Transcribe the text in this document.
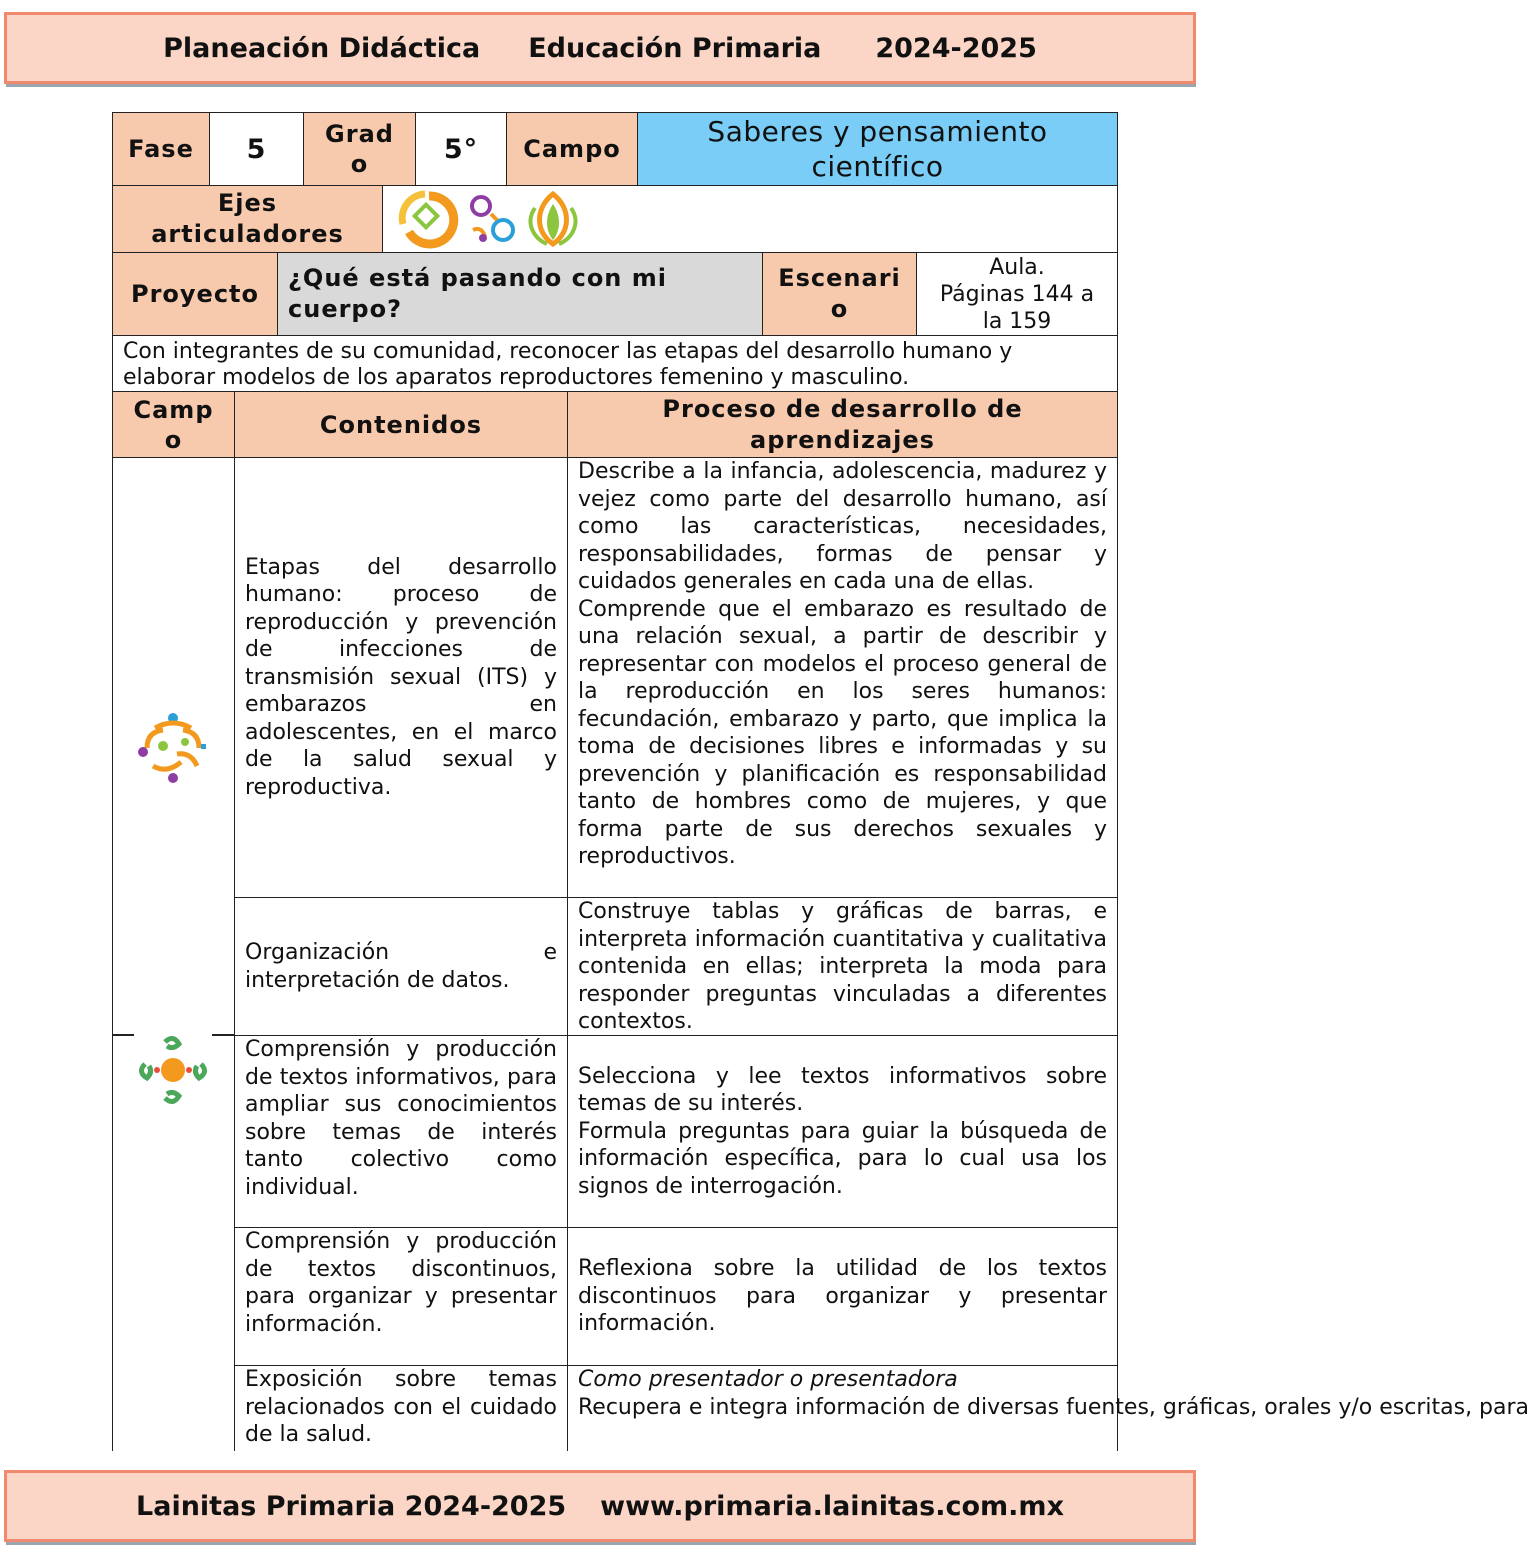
Planeación Didáctica Educación Primaria 2024-2025
Fase 5 Grad
o	5° Campo
Saberes y pensamiento
científico
Ejes
articuladores
Proyecto
¿Qué está pasando con mi
cuerpo?
Escenari
o
Aula.
Páginas 144 a
la 159
Con integrantes de su comunidad, reconocer las etapas del desarrollo humano y
elaborar modelos de los aparatos reproductores femenino y masculino.
Camp
o
Contenidos
Proceso de desarrollo de
aprendizajes
Etapas del desarrollo humano: proceso de reproducción y prevención de infecciones de transmisión sexual (ITS) y embarazos en adolescentes, en el marco de la salud sexual y reproductiva.

Describe a la infancia, adolescencia, madurez y vejez como parte del desarrollo humano, así como las características, necesidades, responsabilidades, formas de pensar y cuidados generales en cada una de ellas.

Comprende que el embarazo es resultado de una relación sexual, a partir de describir y representar con modelos el proceso general de la reproducción en los seres humanos: fecundación, embarazo y parto, que implica la toma de decisiones libres e informadas y su prevención y planificación es responsabilidad tanto de hombres como de mujeres, y que forma parte de sus derechos sexuales y reproductivos.

Organización e interpretación de datos.

Construye tablas y gráficas de barras, e interpreta información cuantitativa y cualitativa contenida en ellas; interpreta la moda para responder preguntas vinculadas a diferentes contextos.

Comprensión y producción de textos informativos, para ampliar sus conocimientos sobre temas de interés tanto colectivo como individual.

Selecciona y lee textos informativos sobre temas de su interés.

Formula preguntas para guiar la búsqueda de información específica, para lo cual usa los signos de interrogación.

Comprensión y producción de textos discontinuos, para organizar y presentar información.

Reflexiona sobre la utilidad de los textos discontinuos para organizar y presentar información.

Exposición sobre temas relacionados con el cuidado de la salud.

Como presentador o presentadora

Recupera e integra información de diversas fuentes, gráficas, orales y/o escritas, para

Lainitas Primaria 2024-2025 www.primaria.lainitas.com.mx
